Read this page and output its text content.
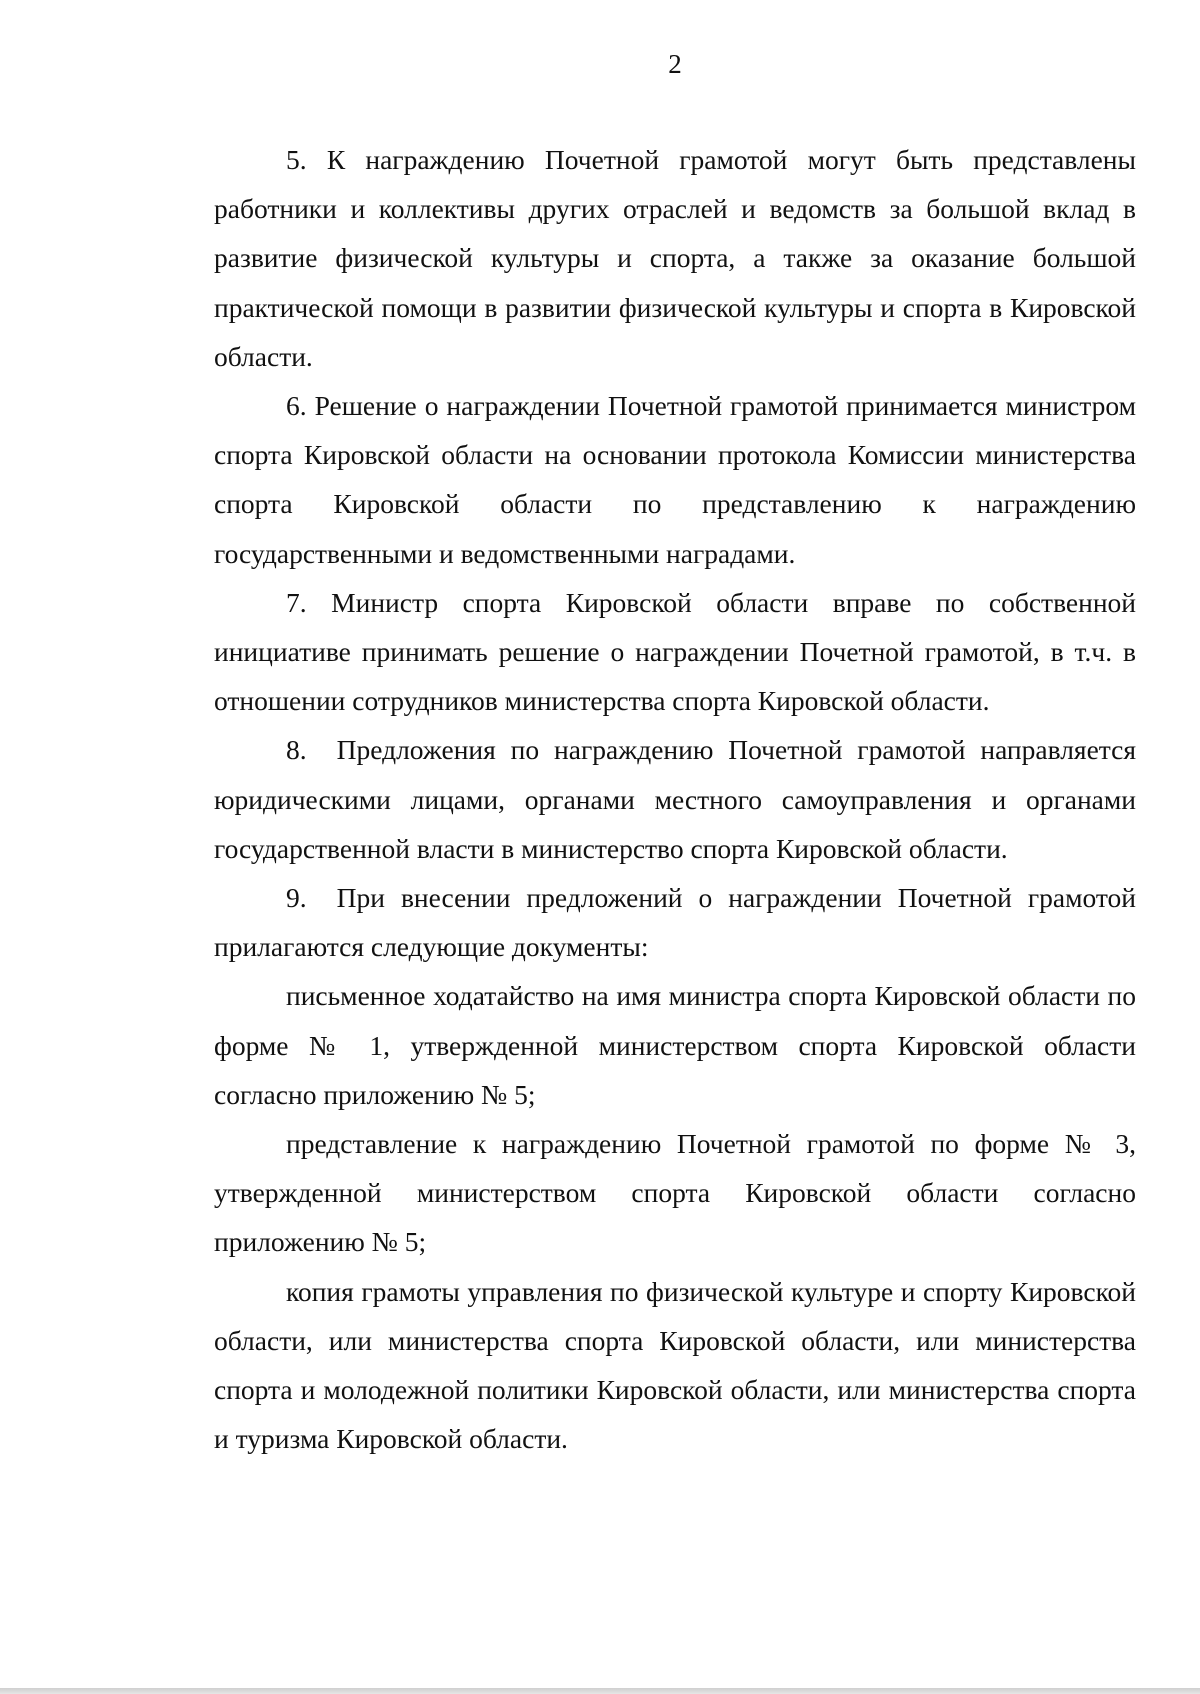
2

5. К награждению Почетной грамотой могут быть представлены работники и коллективы других отраслей и ведомств за большой вклад в развитие физической культуры и спорта, а также за оказание большой практической помощи в развитии физической культуры и спорта в Кировской области.

6. Решение о награждении Почетной грамотой принимается министром спорта Кировской области на основании протокола Комиссии министерства спорта Кировской области по представлению к награждению государственными и ведомственными наградами.

7. Министр спорта Кировской области вправе по собственной инициативе принимать решение о награждении Почетной грамотой, в т.ч. в отношении сотрудников министерства спорта Кировской области.

8. Предложения по награждению Почетной грамотой направляется юридическими лицами, органами местного самоуправления и органами государственной власти в министерство спорта Кировской области.

9. При внесении предложений о награждении Почетной грамотой прилагаются следующие документы:

письменное ходатайство на имя министра спорта Кировской области по форме № 1, утвержденной министерством спорта Кировской области согласно приложению № 5;

представление к награждению Почетной грамотой по форме № 3, утвержденной министерством спорта Кировской области согласно приложению № 5;

копия грамоты управления по физической культуре и спорту Кировской области, или министерства спорта Кировской области, или министерства спорта и молодежной политики Кировской области, или министерства спорта и туризма Кировской области.
